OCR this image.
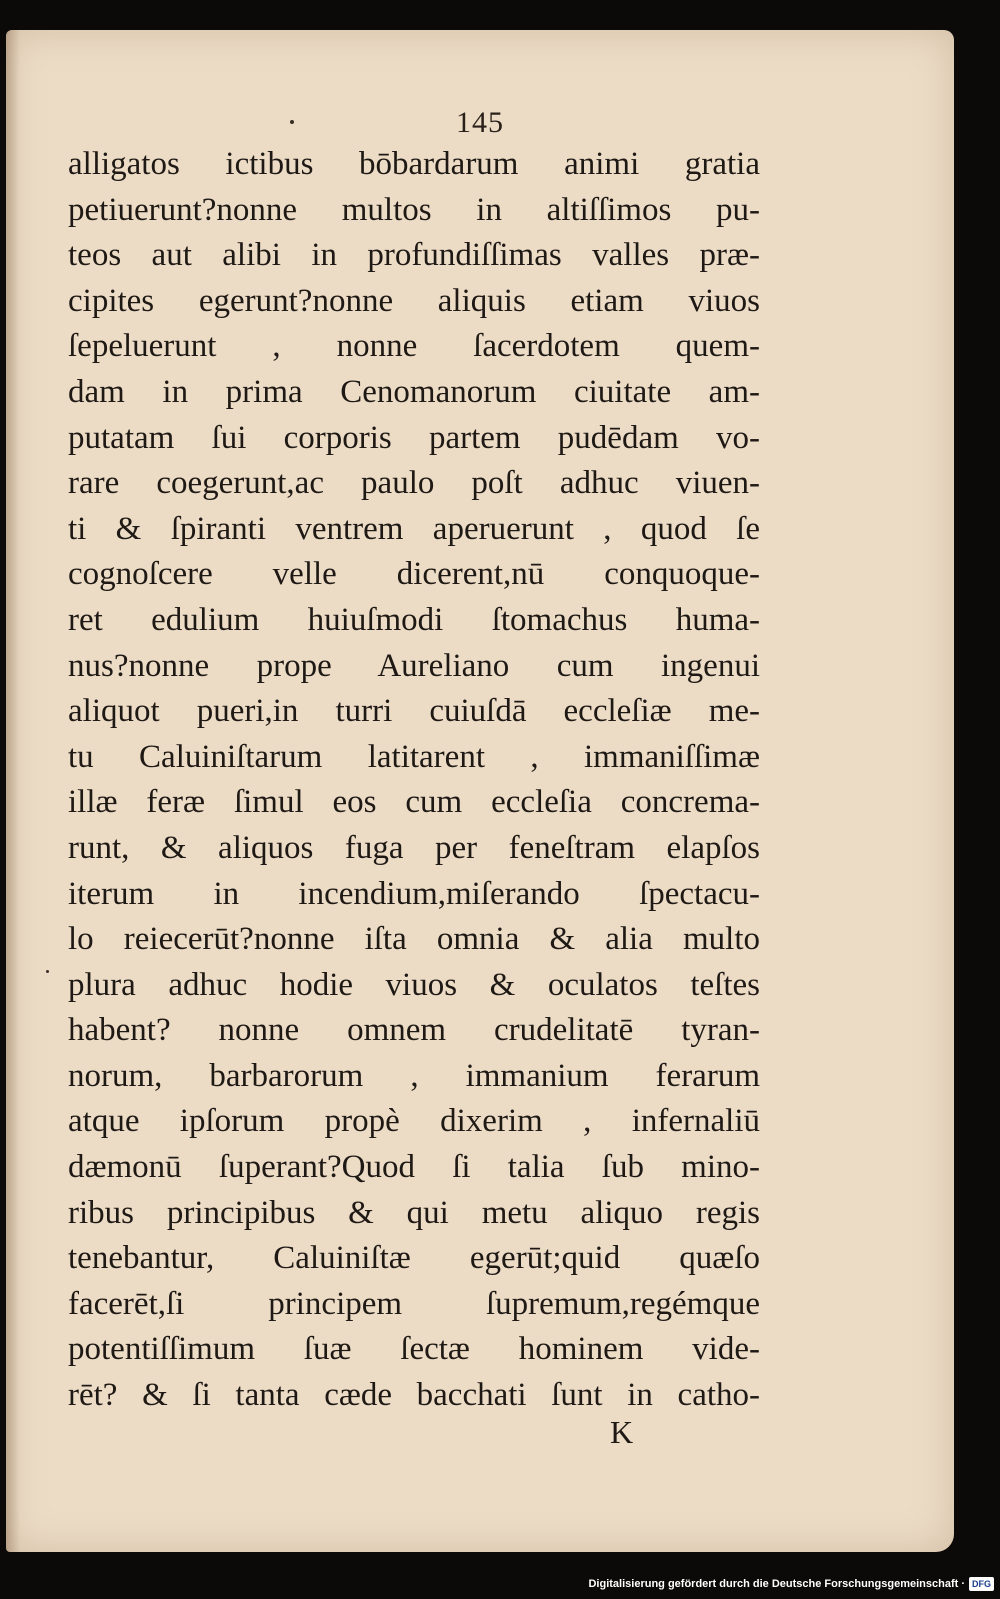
145
alligatos ictibus bōbardarum animi gratia
petiuerunt?nonne multos in altiſſimos pu-
teos aut alibi in profundiſſimas valles præ-
cipites egerunt?nonne aliquis etiam viuos
ſepeluerunt , nonne ſacerdotem quem-
dam in prima Cenomanorum ciuitate am-
putatam ſui corporis partem pudēdam vo-
rare coegerunt,ac paulo poſt adhuc viuen-
ti & ſpiranti ventrem aperuerunt , quod ſe
cognoſcere velle dicerent,nū conquoque-
ret edulium huiuſmodi ſtomachus huma-
nus?nonne prope Aureliano cum ingenui
aliquot pueri,in turri cuiuſdā eccleſiæ me-
tu Caluiniſtarum latitarent , immaniſſimæ
illæ feræ ſimul eos cum eccleſia concrema-
runt, & aliquos fuga per feneſtram elapſos
iterum in incendium,miſerando ſpectacu-
lo reiecerūt?nonne iſta omnia & alia multo
plura adhuc hodie viuos & oculatos teſtes
habent? nonne omnem crudelitatē tyran-
norum, barbarorum , immanium ferarum
atque ipſorum propè dixerim , infernaliū
dæmonū ſuperant?Quod ſi talia ſub mino-
ribus principibus & qui metu aliquo regis
tenebantur, Caluiniſtæ egerūt;quid quæſo
facerēt,ſi principem ſupremum,regémque
potentiſſimum ſuæ ſectæ hominem vide-
rēt? & ſi tanta cæde bacchati ſunt in catho-
K
Digitalisierung gefördert durch die Deutsche Forschungsgemeinschaft · DFG
